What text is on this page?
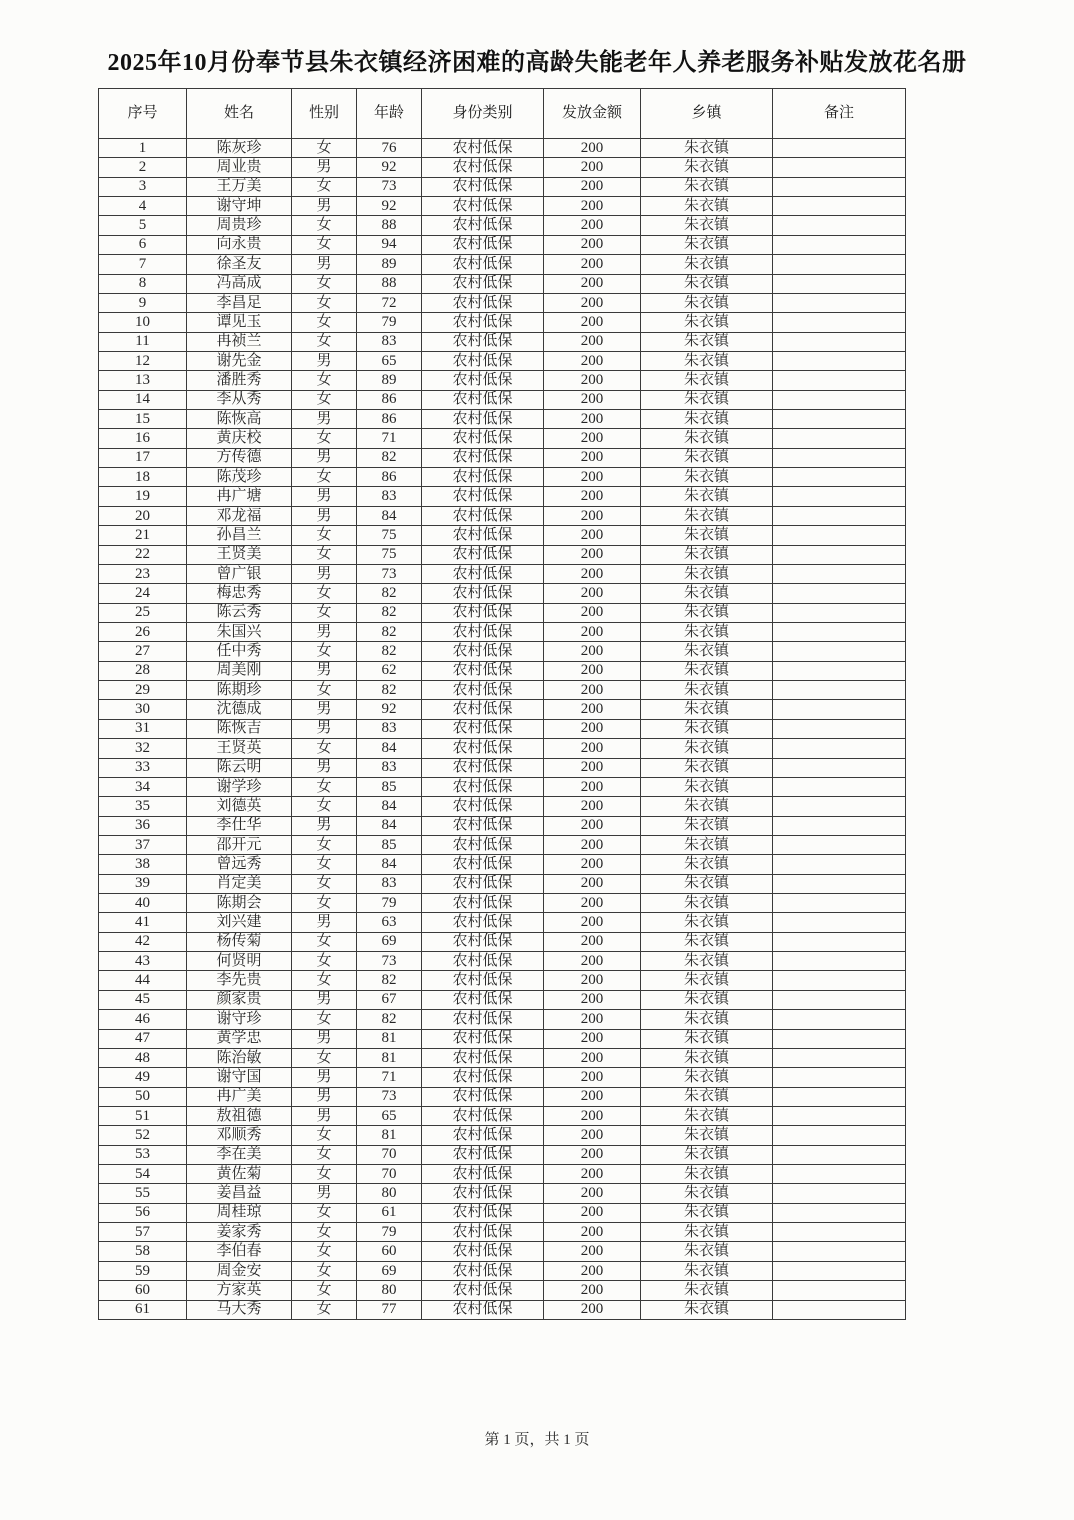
2025年10月份奉节县朱衣镇经济困难的高龄失能老年人养老服务补贴发放花名册
序号	姓名	性别	年龄	身份类别	发放金额	乡镇	备注
1	陈灰珍	女	76	农村低保	200	朱衣镇	
2	周业贵	男	92	农村低保	200	朱衣镇	
3	王万美	女	73	农村低保	200	朱衣镇	
4	谢守坤	男	92	农村低保	200	朱衣镇	
5	周贵珍	女	88	农村低保	200	朱衣镇	
6	向永贵	女	94	农村低保	200	朱衣镇	
7	徐圣友	男	89	农村低保	200	朱衣镇	
8	冯高成	女	88	农村低保	200	朱衣镇	
9	李昌足	女	72	农村低保	200	朱衣镇	
10	谭见玉	女	79	农村低保	200	朱衣镇	
11	冉祯兰	女	83	农村低保	200	朱衣镇	
12	谢先金	男	65	农村低保	200	朱衣镇	
13	潘胜秀	女	89	农村低保	200	朱衣镇	
14	李从秀	女	86	农村低保	200	朱衣镇	
15	陈恢高	男	86	农村低保	200	朱衣镇	
16	黄庆校	女	71	农村低保	200	朱衣镇	
17	方传德	男	82	农村低保	200	朱衣镇	
18	陈茂珍	女	86	农村低保	200	朱衣镇	
19	冉广塘	男	83	农村低保	200	朱衣镇	
20	邓龙福	男	84	农村低保	200	朱衣镇	
21	孙昌兰	女	75	农村低保	200	朱衣镇	
22	王贤美	女	75	农村低保	200	朱衣镇	
23	曾广银	男	73	农村低保	200	朱衣镇	
24	梅忠秀	女	82	农村低保	200	朱衣镇	
25	陈云秀	女	82	农村低保	200	朱衣镇	
26	朱国兴	男	82	农村低保	200	朱衣镇	
27	任中秀	女	82	农村低保	200	朱衣镇	
28	周美刚	男	62	农村低保	200	朱衣镇	
29	陈期珍	女	82	农村低保	200	朱衣镇	
30	沈德成	男	92	农村低保	200	朱衣镇	
31	陈恢吉	男	83	农村低保	200	朱衣镇	
32	王贤英	女	84	农村低保	200	朱衣镇	
33	陈云明	男	83	农村低保	200	朱衣镇	
34	谢学珍	女	85	农村低保	200	朱衣镇	
35	刘德英	女	84	农村低保	200	朱衣镇	
36	李仕华	男	84	农村低保	200	朱衣镇	
37	邵开元	女	85	农村低保	200	朱衣镇	
38	曾远秀	女	84	农村低保	200	朱衣镇	
39	肖定美	女	83	农村低保	200	朱衣镇	
40	陈期会	女	79	农村低保	200	朱衣镇	
41	刘兴建	男	63	农村低保	200	朱衣镇	
42	杨传菊	女	69	农村低保	200	朱衣镇	
43	何贤明	女	73	农村低保	200	朱衣镇	
44	李先贵	女	82	农村低保	200	朱衣镇	
45	颜家贵	男	67	农村低保	200	朱衣镇	
46	谢守珍	女	82	农村低保	200	朱衣镇	
47	黄学忠	男	81	农村低保	200	朱衣镇	
48	陈治敏	女	81	农村低保	200	朱衣镇	
49	谢守国	男	71	农村低保	200	朱衣镇	
50	冉广美	男	73	农村低保	200	朱衣镇	
51	敖祖德	男	65	农村低保	200	朱衣镇	
52	邓顺秀	女	81	农村低保	200	朱衣镇	
53	李在美	女	70	农村低保	200	朱衣镇	
54	黄佐菊	女	70	农村低保	200	朱衣镇	
55	姜昌益	男	80	农村低保	200	朱衣镇	
56	周桂琼	女	61	农村低保	200	朱衣镇	
57	姜家秀	女	79	农村低保	200	朱衣镇	
58	李伯春	女	60	农村低保	200	朱衣镇	
59	周金安	女	69	农村低保	200	朱衣镇	
60	方家英	女	80	农村低保	200	朱衣镇	
61	马大秀	女	77	农村低保	200	朱衣镇	
第 1 页，共 1 页
